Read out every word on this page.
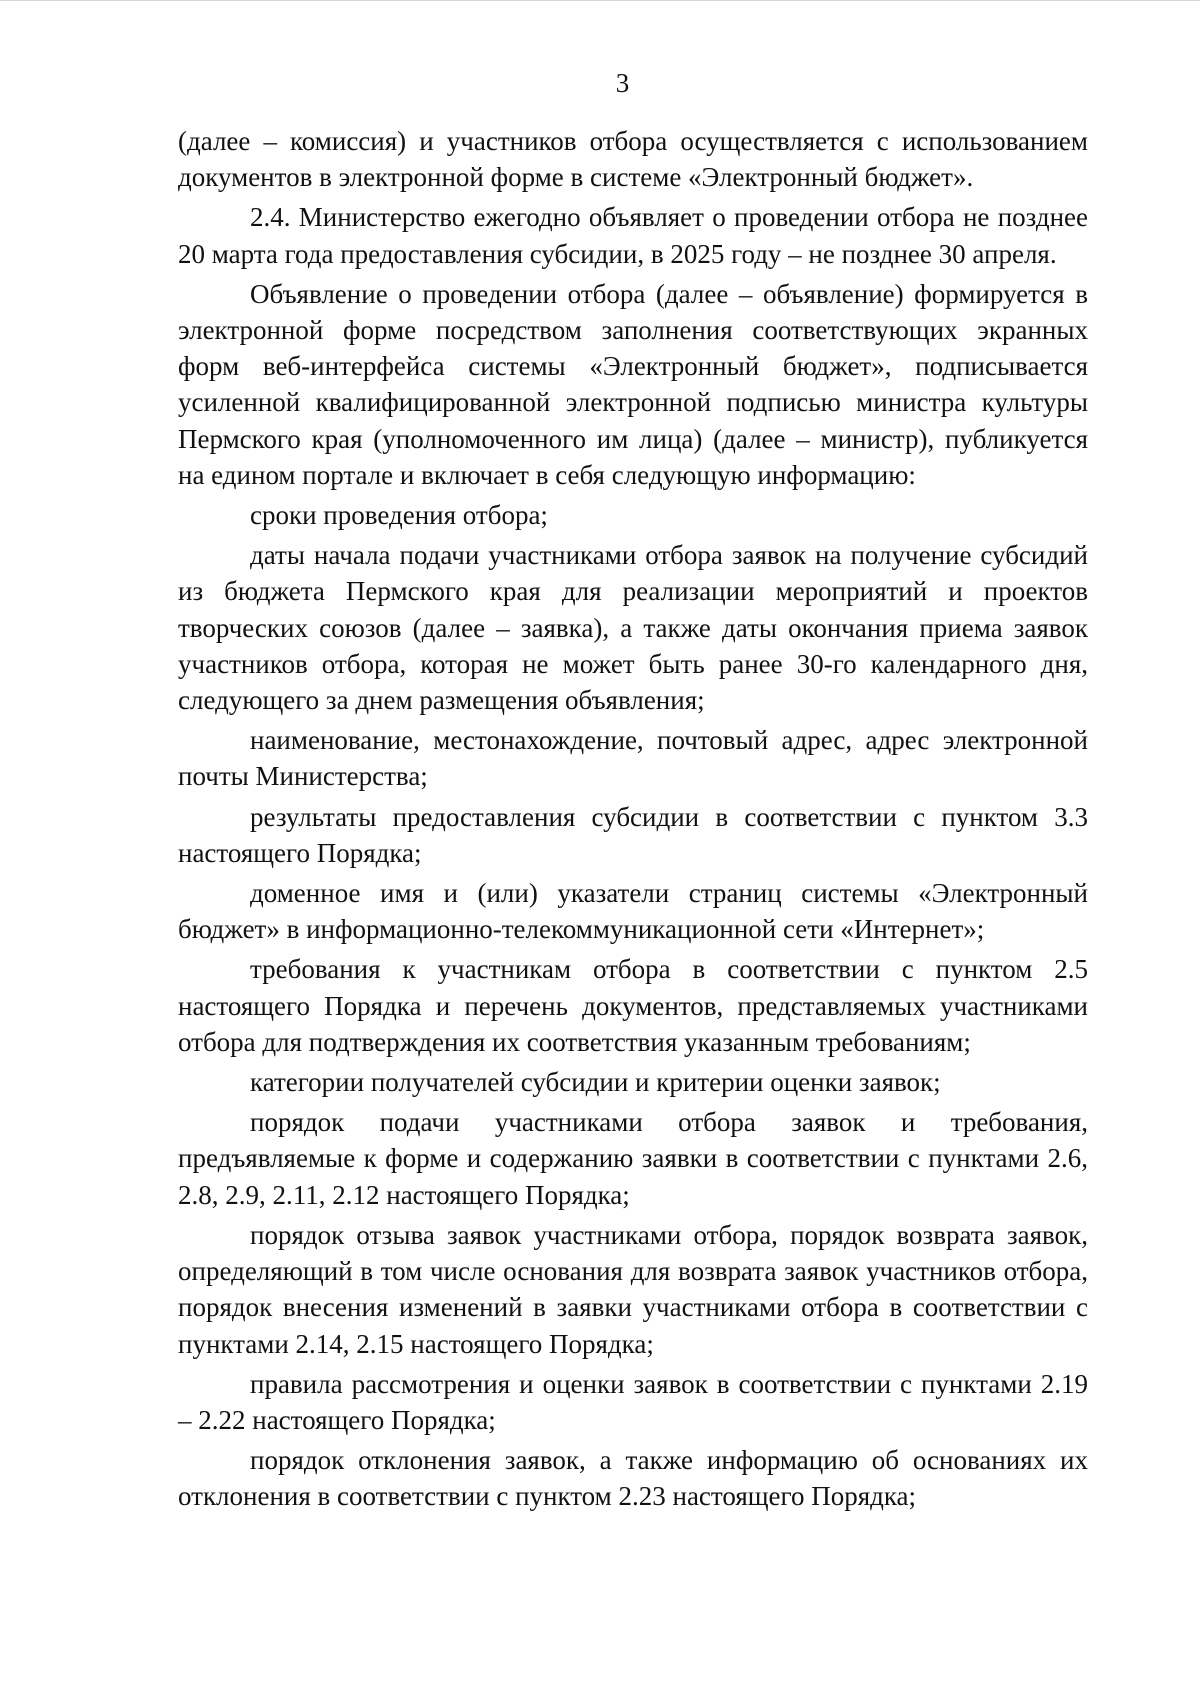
3

(далее – комиссия) и участников отбора осуществляется с использованием документов в электронной форме в системе «Электронный бюджет».

2.4. Министерство ежегодно объявляет о проведении отбора не позднее 20 марта года предоставления субсидии, в 2025 году – не позднее 30 апреля.

Объявление о проведении отбора (далее – объявление) формируется в электронной форме посредством заполнения соответствующих экранных форм веб-интерфейса системы «Электронный бюджет», подписывается усиленной квалифицированной электронной подписью министра культуры Пермского края (уполномоченного им лица) (далее – министр), публикуется на едином портале и включает в себя следующую информацию:

сроки проведения отбора;

даты начала подачи участниками отбора заявок на получение субсидий из бюджета Пермского края для реализации мероприятий и проектов творческих союзов (далее – заявка), а также даты окончания приема заявок участников отбора, которая не может быть ранее 30-го календарного дня, следующего за днем размещения объявления;

наименование, местонахождение, почтовый адрес, адрес электронной почты Министерства;

результаты предоставления субсидии в соответствии с пунктом 3.3 настоящего Порядка;

доменное имя и (или) указатели страниц системы «Электронный бюджет» в информационно-телекоммуникационной сети «Интернет»;

требования к участникам отбора в соответствии с пунктом 2.5 настоящего Порядка и перечень документов, представляемых участниками отбора для подтверждения их соответствия указанным требованиям;

категории получателей субсидии и критерии оценки заявок;

порядок подачи участниками отбора заявок и требования, предъявляемые к форме и содержанию заявки в соответствии с пунктами 2.6, 2.8, 2.9, 2.11, 2.12 настоящего Порядка;

порядок отзыва заявок участниками отбора, порядок возврата заявок, определяющий в том числе основания для возврата заявок участников отбора, порядок внесения изменений в заявки участниками отбора в соответствии с пунктами 2.14, 2.15 настоящего Порядка;

правила рассмотрения и оценки заявок в соответствии с пунктами 2.19 – 2.22 настоящего Порядка;

порядок отклонения заявок, а также информацию об основаниях их отклонения в соответствии с пунктом 2.23 настоящего Порядка;
